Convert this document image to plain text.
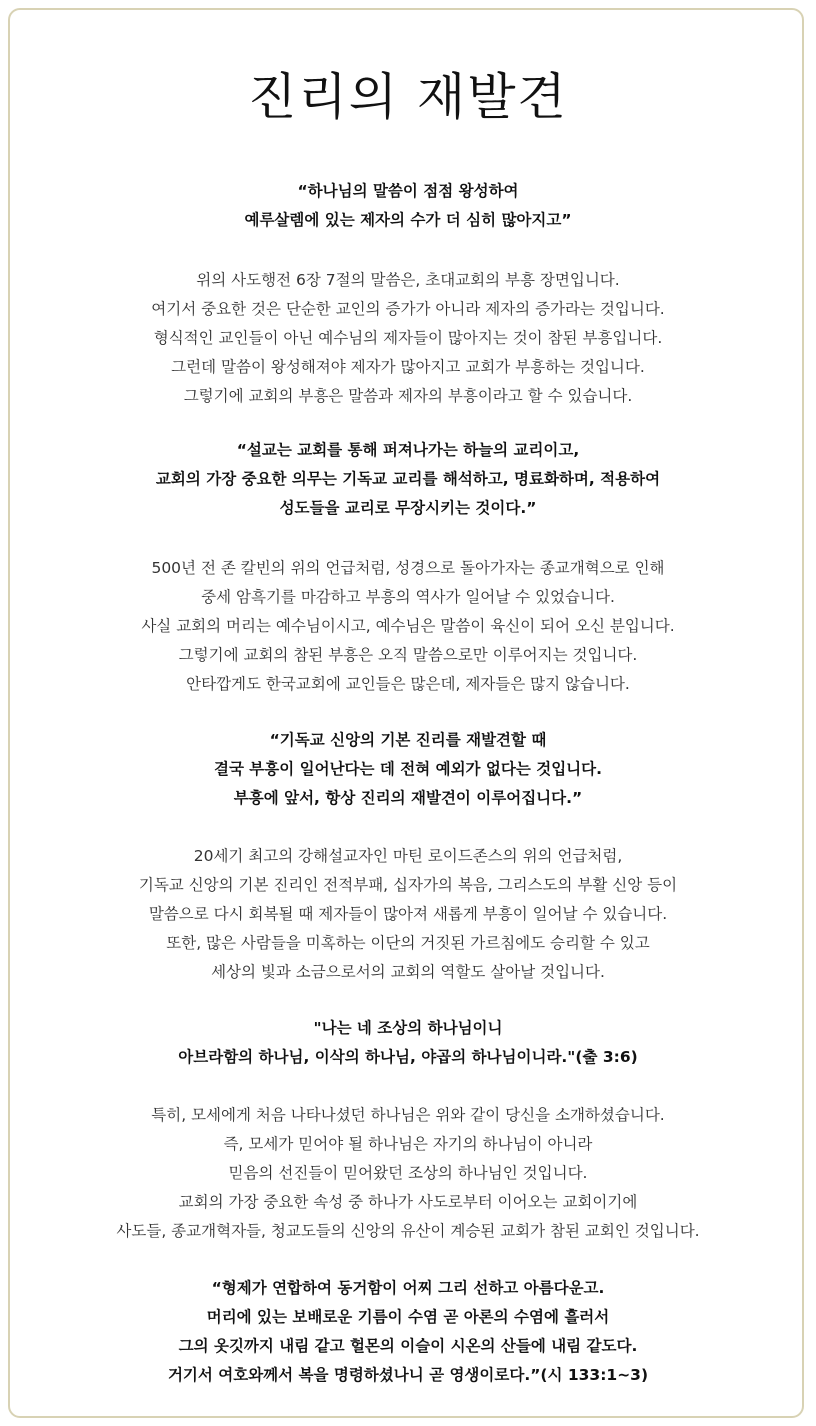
진리의 재발견
“하나님의 말씀이 점점 왕성하여
예루살렘에 있는 제자의 수가 더 심히 많아지고”
위의 사도행전 6장 7절의 말씀은, 초대교회의 부흥 장면입니다.
여기서 중요한 것은 단순한 교인의 증가가 아니라 제자의 증가라는 것입니다.
형식적인 교인들이 아닌 예수님의 제자들이 많아지는 것이 참된 부흥입니다.
그런데 말씀이 왕성해져야 제자가 많아지고 교회가 부흥하는 것입니다.
그렇기에 교회의 부흥은 말씀과 제자의 부흥이라고 할 수 있습니다.
“설교는 교회를 통해 퍼져나가는 하늘의 교리이고,
교회의 가장 중요한 의무는 기독교 교리를 해석하고, 명료화하며, 적용하여
성도들을 교리로 무장시키는 것이다.”
500년 전 존 칼빈의 위의 언급처럼, 성경으로 돌아가자는 종교개혁으로 인해
중세 암흑기를 마감하고 부흥의 역사가 일어날 수 있었습니다.
사실 교회의 머리는 예수님이시고, 예수님은 말씀이 육신이 되어 오신 분입니다.
그렇기에 교회의 참된 부흥은 오직 말씀으로만 이루어지는 것입니다.
안타깝게도 한국교회에 교인들은 많은데, 제자들은 많지 않습니다.
“기독교 신앙의 기본 진리를 재발견할 때
결국 부흥이 일어난다는 데 전혀 예외가 없다는 것입니다.
부흥에 앞서, 항상 진리의 재발견이 이루어집니다.”
20세기 최고의 강해설교자인 마틴 로이드존스의 위의 언급처럼,
기독교 신앙의 기본 진리인 전적부패, 십자가의 복음, 그리스도의 부활 신앙 등이
말씀으로 다시 회복될 때 제자들이 많아져 새롭게 부흥이 일어날 수 있습니다.
또한, 많은 사람들을 미혹하는 이단의 거짓된 가르침에도 승리할 수 있고
세상의 빛과 소금으로서의 교회의 역할도 살아날 것입니다.
"나는 네 조상의 하나님이니
아브라함의 하나님, 이삭의 하나님, 야곱의 하나님이니라."(출 3:6)
특히, 모세에게 처음 나타나셨던 하나님은 위와 같이 당신을 소개하셨습니다.
즉, 모세가 믿어야 될 하나님은 자기의 하나님이 아니라
믿음의 선진들이 믿어왔던 조상의 하나님인 것입니다.
교회의 가장 중요한 속성 중 하나가 사도로부터 이어오는 교회이기에
사도들, 종교개혁자들, 청교도들의 신앙의 유산이 계승된 교회가 참된 교회인 것입니다.
“형제가 연합하여 동거함이 어찌 그리 선하고 아름다운고.
머리에 있는 보배로운 기름이 수염 곧 아론의 수염에 흘러서
그의 옷깃까지 내림 같고 헐몬의 이슬이 시온의 산들에 내림 같도다.
거기서 여호와께서 복을 명령하셨나니 곧 영생이로다.”(시 133:1~3)
